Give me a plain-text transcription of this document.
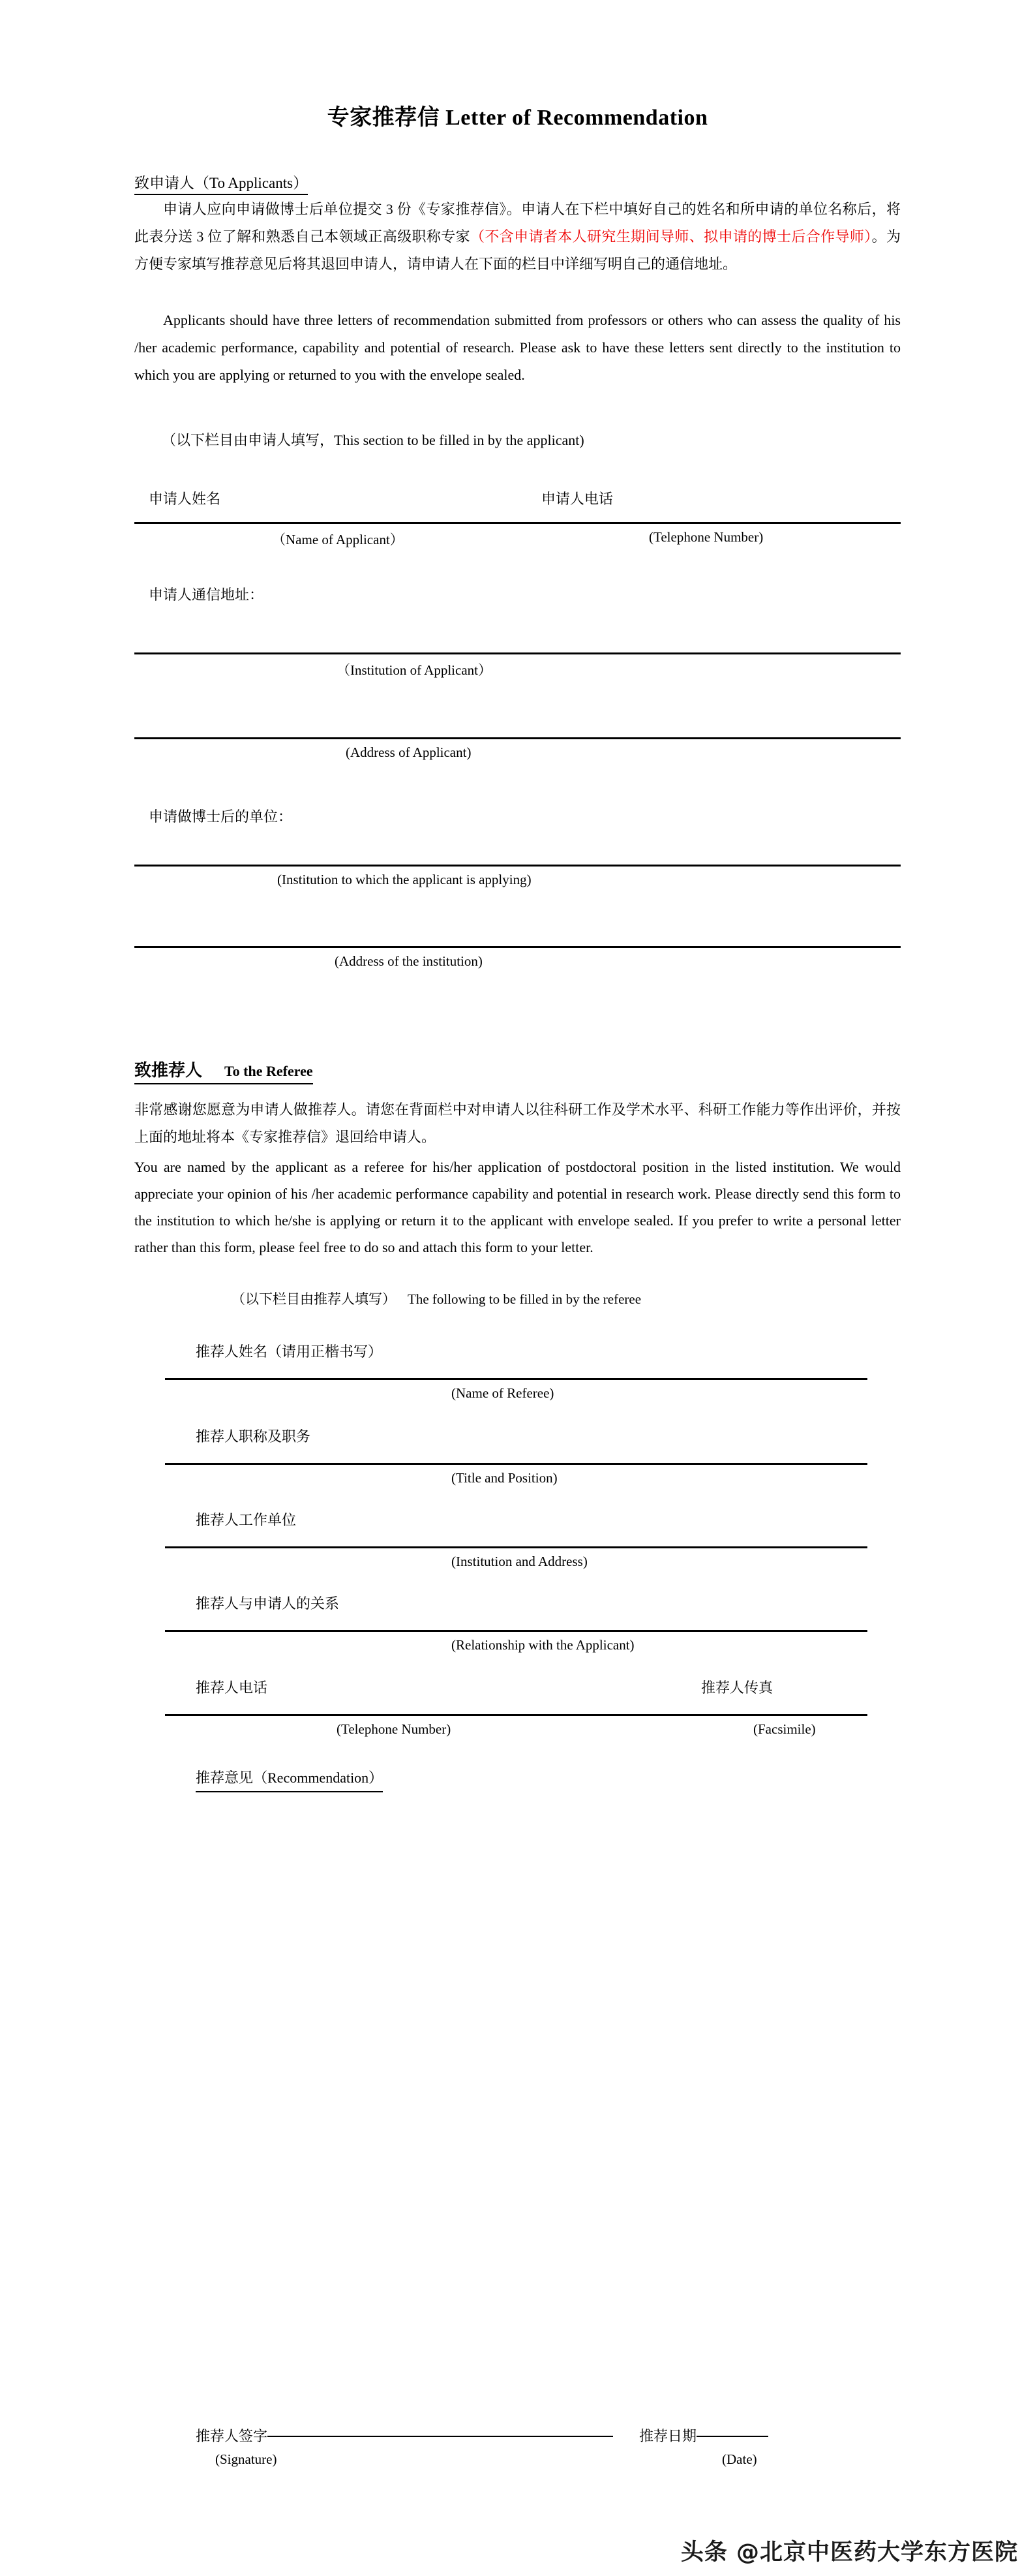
专家推荐信 Letter of Recommendation
致申请人（To Applicants）
申请人应向申请做博士后单位提交 3 份《专家推荐信》。申请人在下栏中填好自己的姓名和所申请的单位名称后，将此表分送 3 位了解和熟悉自己本领域正高级职称专家（不含申请者本人研究生期间导师、拟申请的博士后合作导师）。为方便专家填写推荐意见后将其退回申请人，请申请人在下面的栏目中详细写明自己的通信地址。
Applicants should have three letters of recommendation submitted from professors or others who can assess the quality of his /her academic performance, capability and potential of research. Please ask to have these letters sent directly to the institution to which you are applying or returned to you with the envelope sealed.
（以下栏目由申请人填写，This section to be filled in by the applicant)
申请人姓名	申请人电话
（Name of Applicant）	(Telephone Number)
申请人通信地址：
（Institution of Applicant）
(Address of Applicant)
申请做博士后的单位：
(Institution to which the applicant is applying)
(Address of the institution)
致推荐人 To the Referee
非常感谢您愿意为申请人做推荐人。请您在背面栏中对申请人以往科研工作及学术水平、科研工作能力等作出评价，并按上面的地址将本《专家推荐信》退回给申请人。
You are named by the applicant as a referee for his/her application of postdoctoral position in the listed institution. We would appreciate your opinion of his /her academic performance capability and potential in research work. Please directly send this form to the institution to which he/she is applying or return it to the applicant with envelope sealed. If you prefer to write a personal letter rather than this form, please feel free to do so and attach this form to your letter.
（以下栏目由推荐人填写） The following to be filled in by the referee
推荐人姓名（请用正楷书写）
(Name of Referee)
推荐人职称及职务
(Title and Position)
推荐人工作单位
(Institution and Address)
推荐人与申请人的关系
(Relationship with the Applicant)
推荐人电话	推荐人传真
(Telephone Number)	(Facsimile)
推荐意见（Recommendation）
推荐人签字	推荐日期
(Signature)	(Date)
头条 @北京中医药大学东方医院
